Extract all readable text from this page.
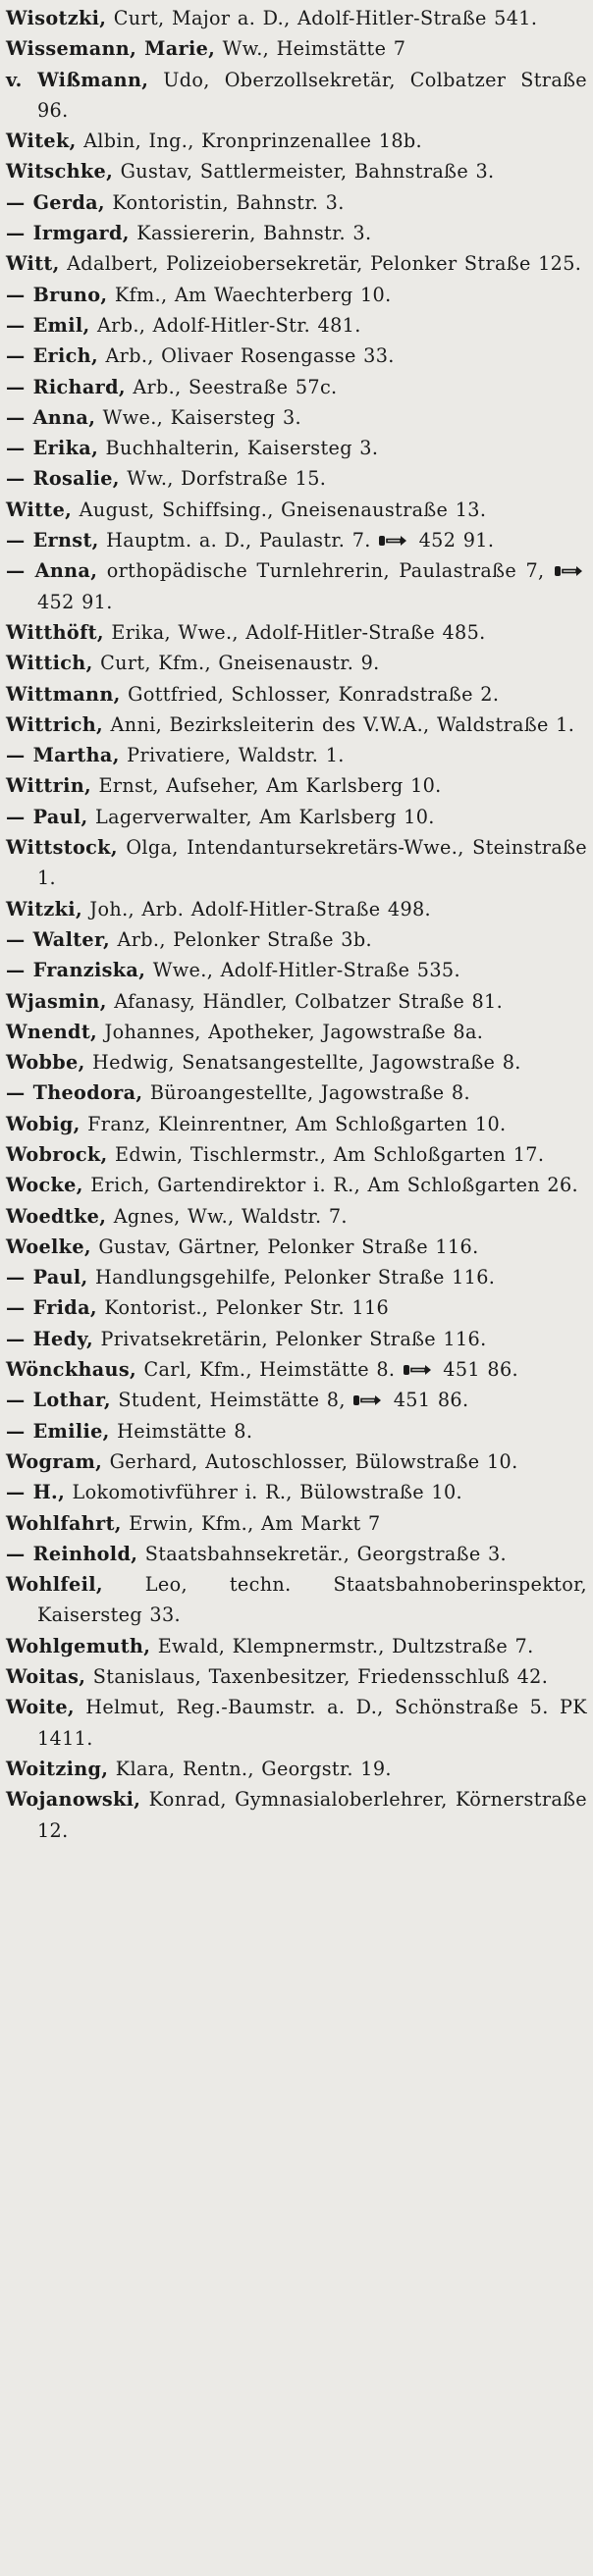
Wisotzki, Curt, Major a. D., Adolf-Hitler-Straße 541.
Wissemann, Marie, Ww., Heimstätte 7
v. Wißmann, Udo, Oberzollsekretär, Colbatzer Straße 96.
Witek, Albin, Ing., Kronprinzenallee 18b.
Witschke, Gustav, Sattlermeister, Bahnstraße 3.
— Gerda, Kontoristin, Bahnstr. 3.
— Irmgard, Kassiererin, Bahnstr. 3.
Witt, Adalbert, Polizeiobersekretär, Pelonker Straße 125.
— Bruno, Kfm., Am Waechterberg 10.
— Emil, Arb., Adolf-Hitler-Str. 481.
— Erich, Arb., Olivaer Rosengasse 33.
— Richard, Arb., Seestraße 57c.
— Anna, Wwe., Kaisersteg 3.
— Erika, Buchhalterin, Kaisersteg 3.
— Rosalie, Ww., Dorfstraße 15.
Witte, August, Schiffsing., Gneisenaustraße 13.
— Ernst, Hauptm. a. D., Paulastr. 7.	452 91.
— Anna, orthopädische Turnlehrerin, Paulastraße 7,
452 91.
Witthöft, Erika, Wwe., Adolf-Hitler-Straße 485.
Wittich, Curt, Kfm., Gneisenaustr. 9.
Wittmann, Gottfried, Schlosser, Konradstraße 2.
Wittrich, Anni, Bezirksleiterin des V.W.A., Waldstraße 1.
— Martha, Privatiere, Waldstr. 1.
Wittrin, Ernst, Aufseher, Am Karlsberg 10.
— Paul, Lagerverwalter, Am Karlsberg 10.
Wittstock, Olga, Intendantursekretärs-Wwe., Steinstraße 1.
Witzki, Joh., Arb. Adolf-Hitler-Straße 498.
— Walter, Arb., Pelonker Straße 3b.
— Franziska, Wwe., Adolf-Hitler-Straße 535.
Wjasmin, Afanasy, Händler, Colbatzer Straße 81.
Wnendt, Johannes, Apotheker, Jagowstraße 8a.
Wobbe, Hedwig, Senatsangestellte, Jagowstraße 8.
— Theodora, Büroangestellte, Jagowstraße 8.
Wobig, Franz, Kleinrentner, Am Schloßgarten 10.
Wobrock, Edwin, Tischlermstr., Am Schloßgarten 17.
Wocke, Erich, Gartendirektor i. R., Am Schloßgarten 26.
Woedtke, Agnes, Ww., Waldstr. 7.
Woelke, Gustav, Gärtner, Pelonker Straße 116.
— Paul, Handlungsgehilfe, Pelonker Straße 116.
— Frida, Kontorist., Pelonker Str. 116
— Hedy, Privatsekretärin, Pelonker Straße 116.
Wönckhaus, Carl, Kfm., Heimstätte 8.	451 86.
— Lothar, Student, Heimstätte 8,	451 86.
— Emilie, Heimstätte 8.
Wogram, Gerhard, Autoschlosser, Bülowstraße 10.
— H., Lokomotivführer i. R., Bülowstraße 10.
Wohlfahrt, Erwin, Kfm., Am Markt 7
— Reinhold, Staatsbahnsekretär., Georgstraße 3.
Wohlfeil, Leo, techn. Staatsbahnoberinspektor, Kaisersteg 33.
Wohlgemuth, Ewald, Klempnermstr., Dultzstraße 7.
Woitas, Stanislaus, Taxenbesitzer, Friedensschluß 42.
Woite, Helmut, Reg.-Baumstr. a. D., Schönstraße 5. PK 1411.
Woitzing, Klara, Rentn., Georgstr. 19.
Wojanowski, Konrad, Gymnasialoberlehrer, Körnerstraße 12.
